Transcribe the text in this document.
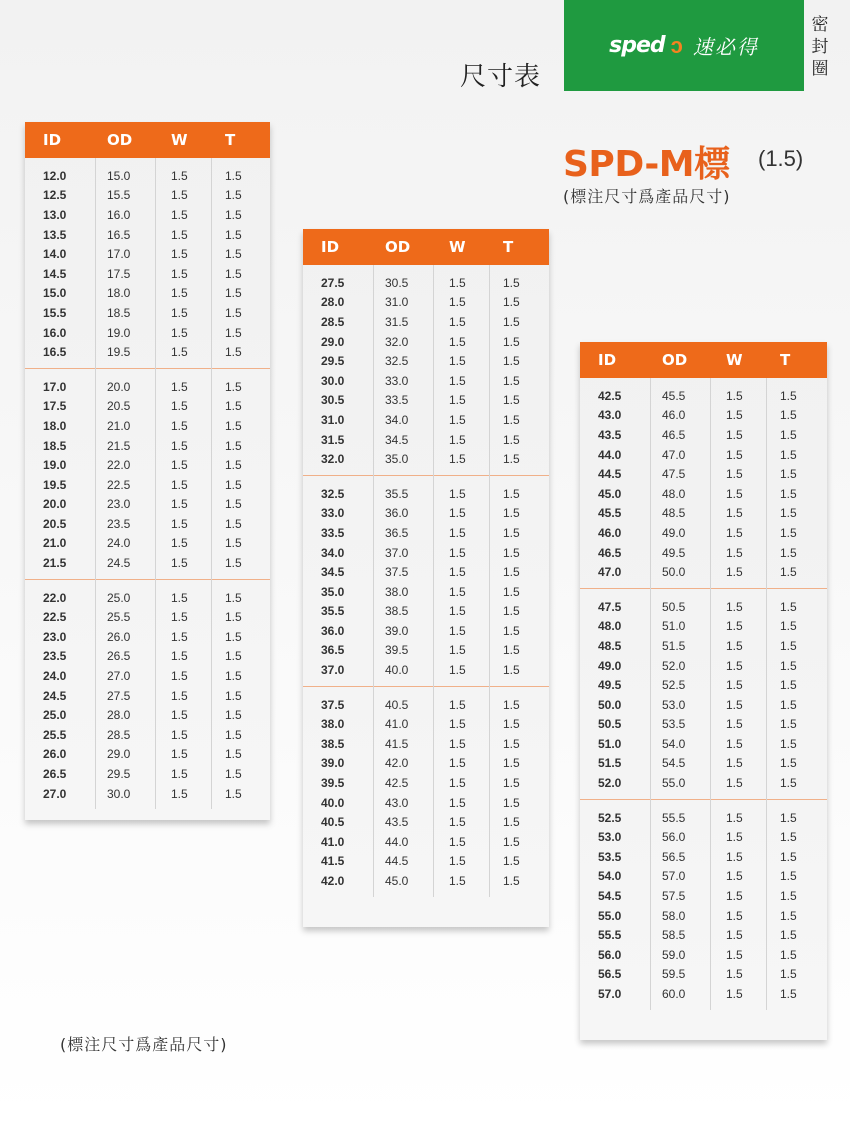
尺寸表
sped ɔ 速必得
密
封
圈
SPD-M標 (1.5)
(標注尺寸爲產品尺寸)
ID	OD	W T
12.0	15.0	1.5	1.5
12.5	15.5	1.5	1.5
13.0	16.0	1.5	1.5
13.5	16.5	1.5	1.5
14.0	17.0	1.5	1.5
14.5	17.5	1.5	1.5
15.0	18.0	1.5	1.5
15.5	18.5	1.5	1.5
16.0	19.0	1.5	1.5
16.5	19.5	1.5	1.5
17.0	20.0	1.5	1.5
17.5	20.5	1.5	1.5
18.0	21.0	1.5	1.5
18.5	21.5	1.5	1.5
19.0	22.0	1.5	1.5
19.5	22.5	1.5	1.5
20.0	23.0	1.5	1.5
20.5	23.5	1.5	1.5
21.0	24.0	1.5	1.5
21.5	24.5	1.5	1.5
22.0	25.0	1.5	1.5
22.5	25.5	1.5	1.5
23.0	26.0	1.5	1.5
23.5	26.5	1.5	1.5
24.0	27.0	1.5	1.5
24.5	27.5	1.5	1.5
25.0	28.0	1.5	1.5
25.5	28.5	1.5	1.5
26.0	29.0	1.5	1.5
26.5	29.5	1.5	1.5
27.0	30.0	1.5	1.5
ID	OD	W T
27.5	30.5	1.5	1.5
28.0	31.0	1.5	1.5
28.5	31.5	1.5	1.5
29.0	32.0	1.5	1.5
29.5	32.5	1.5	1.5
30.0	33.0	1.5	1.5
30.5	33.5	1.5	1.5
31.0	34.0	1.5	1.5
31.5	34.5	1.5	1.5
32.0	35.0	1.5	1.5
32.5	35.5	1.5	1.5
33.0	36.0	1.5	1.5
33.5	36.5	1.5	1.5
34.0	37.0	1.5	1.5
34.5	37.5	1.5	1.5
35.0	38.0	1.5	1.5
35.5	38.5	1.5	1.5
36.0	39.0	1.5	1.5
36.5	39.5	1.5	1.5
37.0	40.0	1.5	1.5
37.5	40.5	1.5	1.5
38.0	41.0	1.5	1.5
38.5	41.5	1.5	1.5
39.0	42.0	1.5	1.5
39.5	42.5	1.5	1.5
40.0	43.0	1.5	1.5
40.5	43.5	1.5	1.5
41.0	44.0	1.5	1.5
41.5	44.5	1.5	1.5
42.0	45.0	1.5	1.5
ID	OD	W T
42.5	45.5	1.5	1.5
43.0	46.0	1.5	1.5
43.5	46.5	1.5	1.5
44.0	47.0	1.5	1.5
44.5	47.5	1.5	1.5
45.0	48.0	1.5	1.5
45.5	48.5	1.5	1.5
46.0	49.0	1.5	1.5
46.5	49.5	1.5	1.5
47.0	50.0	1.5	1.5
47.5	50.5	1.5	1.5
48.0	51.0	1.5	1.5
48.5	51.5	1.5	1.5
49.0	52.0	1.5	1.5
49.5	52.5	1.5	1.5
50.0	53.0	1.5	1.5
50.5	53.5	1.5	1.5
51.0	54.0	1.5	1.5
51.5	54.5	1.5	1.5
52.0	55.0	1.5	1.5
52.5	55.5	1.5	1.5
53.0	56.0	1.5	1.5
53.5	56.5	1.5	1.5
54.0	57.0	1.5	1.5
54.5	57.5	1.5	1.5
55.0	58.0	1.5	1.5
55.5	58.5	1.5	1.5
56.0	59.0	1.5	1.5
56.5	59.5	1.5	1.5
57.0	60.0	1.5	1.5
(標注尺寸爲產品尺寸)
